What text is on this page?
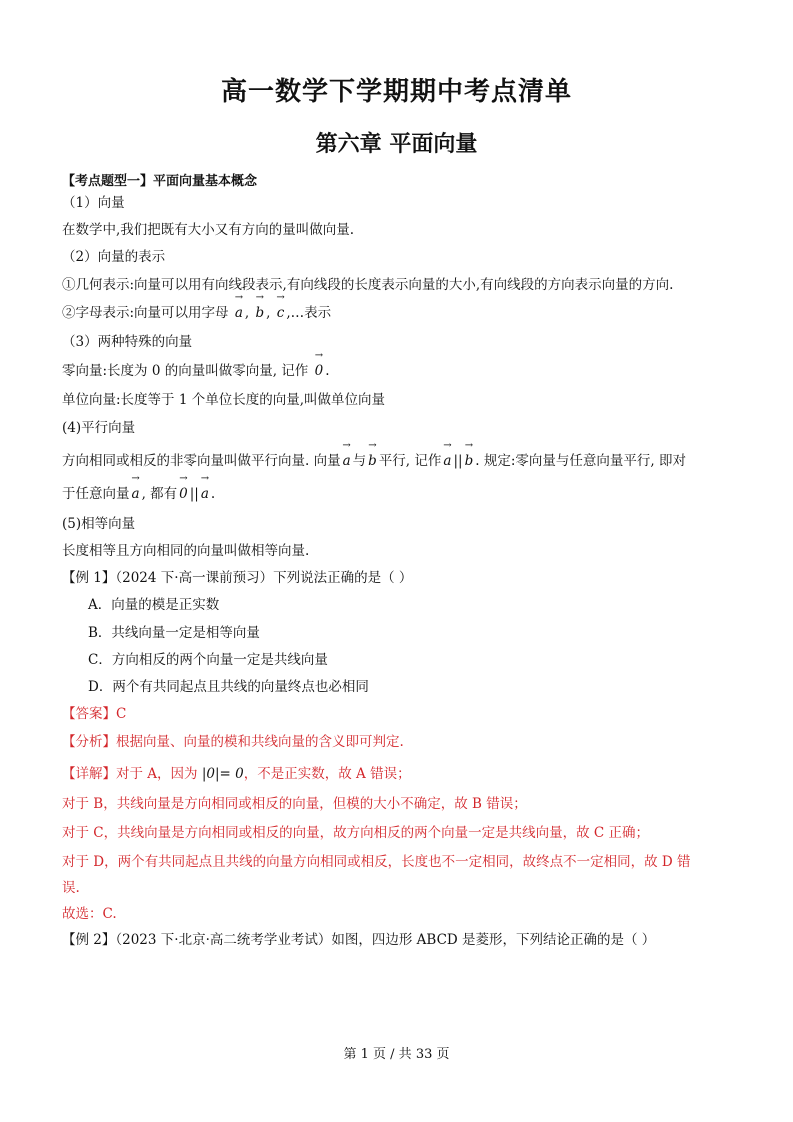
高一数学下学期期中考点清单
第六章 平面向量
【考点题型一】平面向量基本概念
（1）向量
在数学中,我们把既有大小又有方向的量叫做向量.
（2）向量的表示
①几何表示:向量可以用有向线段表示,有向线段的长度表示向量的大小,有向线段的方向表示向量的方向.
②字母表示:向量可以用字母 → a , → b , → c ,…表示
（3）两种特殊的向量
零向量:长度为 0 的向量叫做零向量, 记作 → 0 .
单位向量:长度等于 1 个单位长度的向量,叫做单位向量
(4)平行向量
方向相同或相反的非零向量叫做平行向量. 向量 → a 与 → b 平行, 记作 → a || → b . 规定:零向量与任意向量平行, 即对
于任意向量 → a , 都有 → 0 || → a .
(5)相等向量
长度相等且方向相同的向量叫做相等向量.
【例 1】（2024 下·高一课前预习）下列说法正确的是（ ）
A．向量的模是正实数
B．共线向量一定是相等向量
C．方向相反的两个向量一定是共线向量
D．两个有共同起点且共线的向量终点也必相同
【答案】C
【分析】根据向量、向量的模和共线向量的含义即可判定.
【详解】对于 A，因为 |0|= 0，不是正实数，故 A 错误；
对于 B，共线向量是方向相同或相反的向量，但模的大小不确定，故 B 错误；
对于 C，共线向量是方向相同或相反的向量，故方向相反的两个向量一定是共线向量，故 C 正确；
对于 D，两个有共同起点且共线的向量方向相同或相反，长度也不一定相同，故终点不一定相同，故 D 错
误.
故选：C.
【例 2】（2023 下·北京·高二统考学业考试）如图，四边形 ABCD 是菱形，下列结论正确的是（ ）
第 1 页 / 共 33 页
